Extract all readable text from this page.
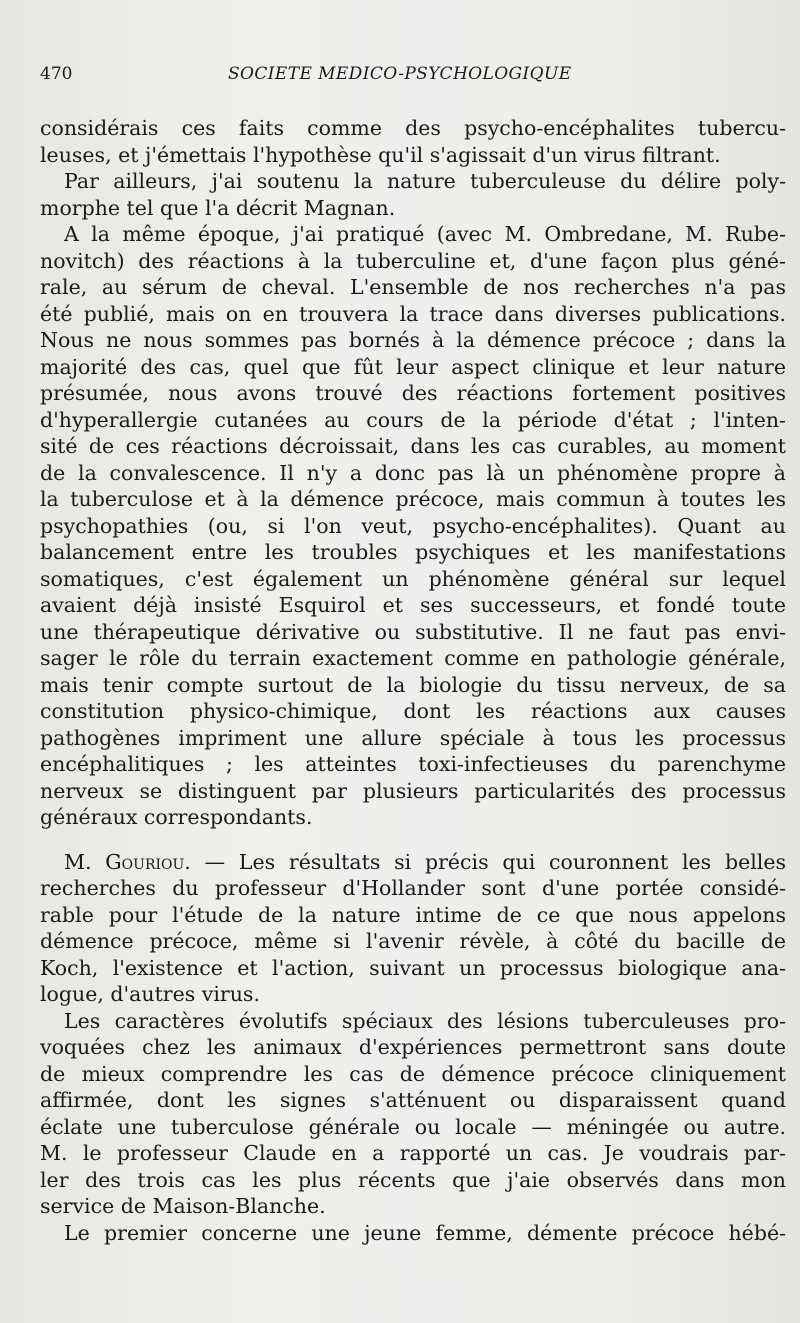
470	SOCIETE MEDICO-PSYCHOLOGIQUE
considérais ces faits comme des psycho-encéphalites tubercu-
leuses, et j'émettais l'hypothèse qu'il s'agissait d'un virus filtrant.
Par ailleurs, j'ai soutenu la nature tuberculeuse du délire poly-
morphe tel que l'a décrit Magnan.
A la même époque, j'ai pratiqué (avec M. Ombredane, M. Rube-
novitch) des réactions à la tuberculine et, d'une façon plus géné-
rale, au sérum de cheval. L'ensemble de nos recherches n'a pas
été publié, mais on en trouvera la trace dans diverses publications.
Nous ne nous sommes pas bornés à la démence précoce ; dans la
majorité des cas, quel que fût leur aspect clinique et leur nature
présumée, nous avons trouvé des réactions fortement positives
d'hyperallergie cutanées au cours de la période d'état ; l'inten-
sité de ces réactions décroissait, dans les cas curables, au moment
de la convalescence. Il n'y a donc pas là un phénomène propre à
la tuberculose et à la démence précoce, mais commun à toutes les
psychopathies (ou, si l'on veut, psycho-encéphalites). Quant au
balancement entre les troubles psychiques et les manifestations
somatiques, c'est également un phénomène général sur lequel
avaient déjà insisté Esquirol et ses successeurs, et fondé toute
une thérapeutique dérivative ou substitutive. Il ne faut pas envi-
sager le rôle du terrain exactement comme en pathologie générale,
mais tenir compte surtout de la biologie du tissu nerveux, de sa
constitution physico-chimique, dont les réactions aux causes
pathogènes impriment une allure spéciale à tous les processus
encéphalitiques ; les atteintes toxi-infectieuses du parenchyme
nerveux se distinguent par plusieurs particularités des processus
généraux correspondants.
M. Gouriou. — Les résultats si précis qui couronnent les belles
recherches du professeur d'Hollander sont d'une portée considé-
rable pour l'étude de la nature intime de ce que nous appelons
démence précoce, même si l'avenir révèle, à côté du bacille de
Koch, l'existence et l'action, suivant un processus biologique ana-
logue, d'autres virus.
Les caractères évolutifs spéciaux des lésions tuberculeuses pro-
voquées chez les animaux d'expériences permettront sans doute
de mieux comprendre les cas de démence précoce cliniquement
affirmée, dont les signes s'atténuent ou disparaissent quand
éclate une tuberculose générale ou locale — méningée ou autre.
M. le professeur Claude en a rapporté un cas. Je voudrais par-
ler des trois cas les plus récents que j'aie observés dans mon
service de Maison-Blanche.
Le premier concerne une jeune femme, démente précoce hébé-
